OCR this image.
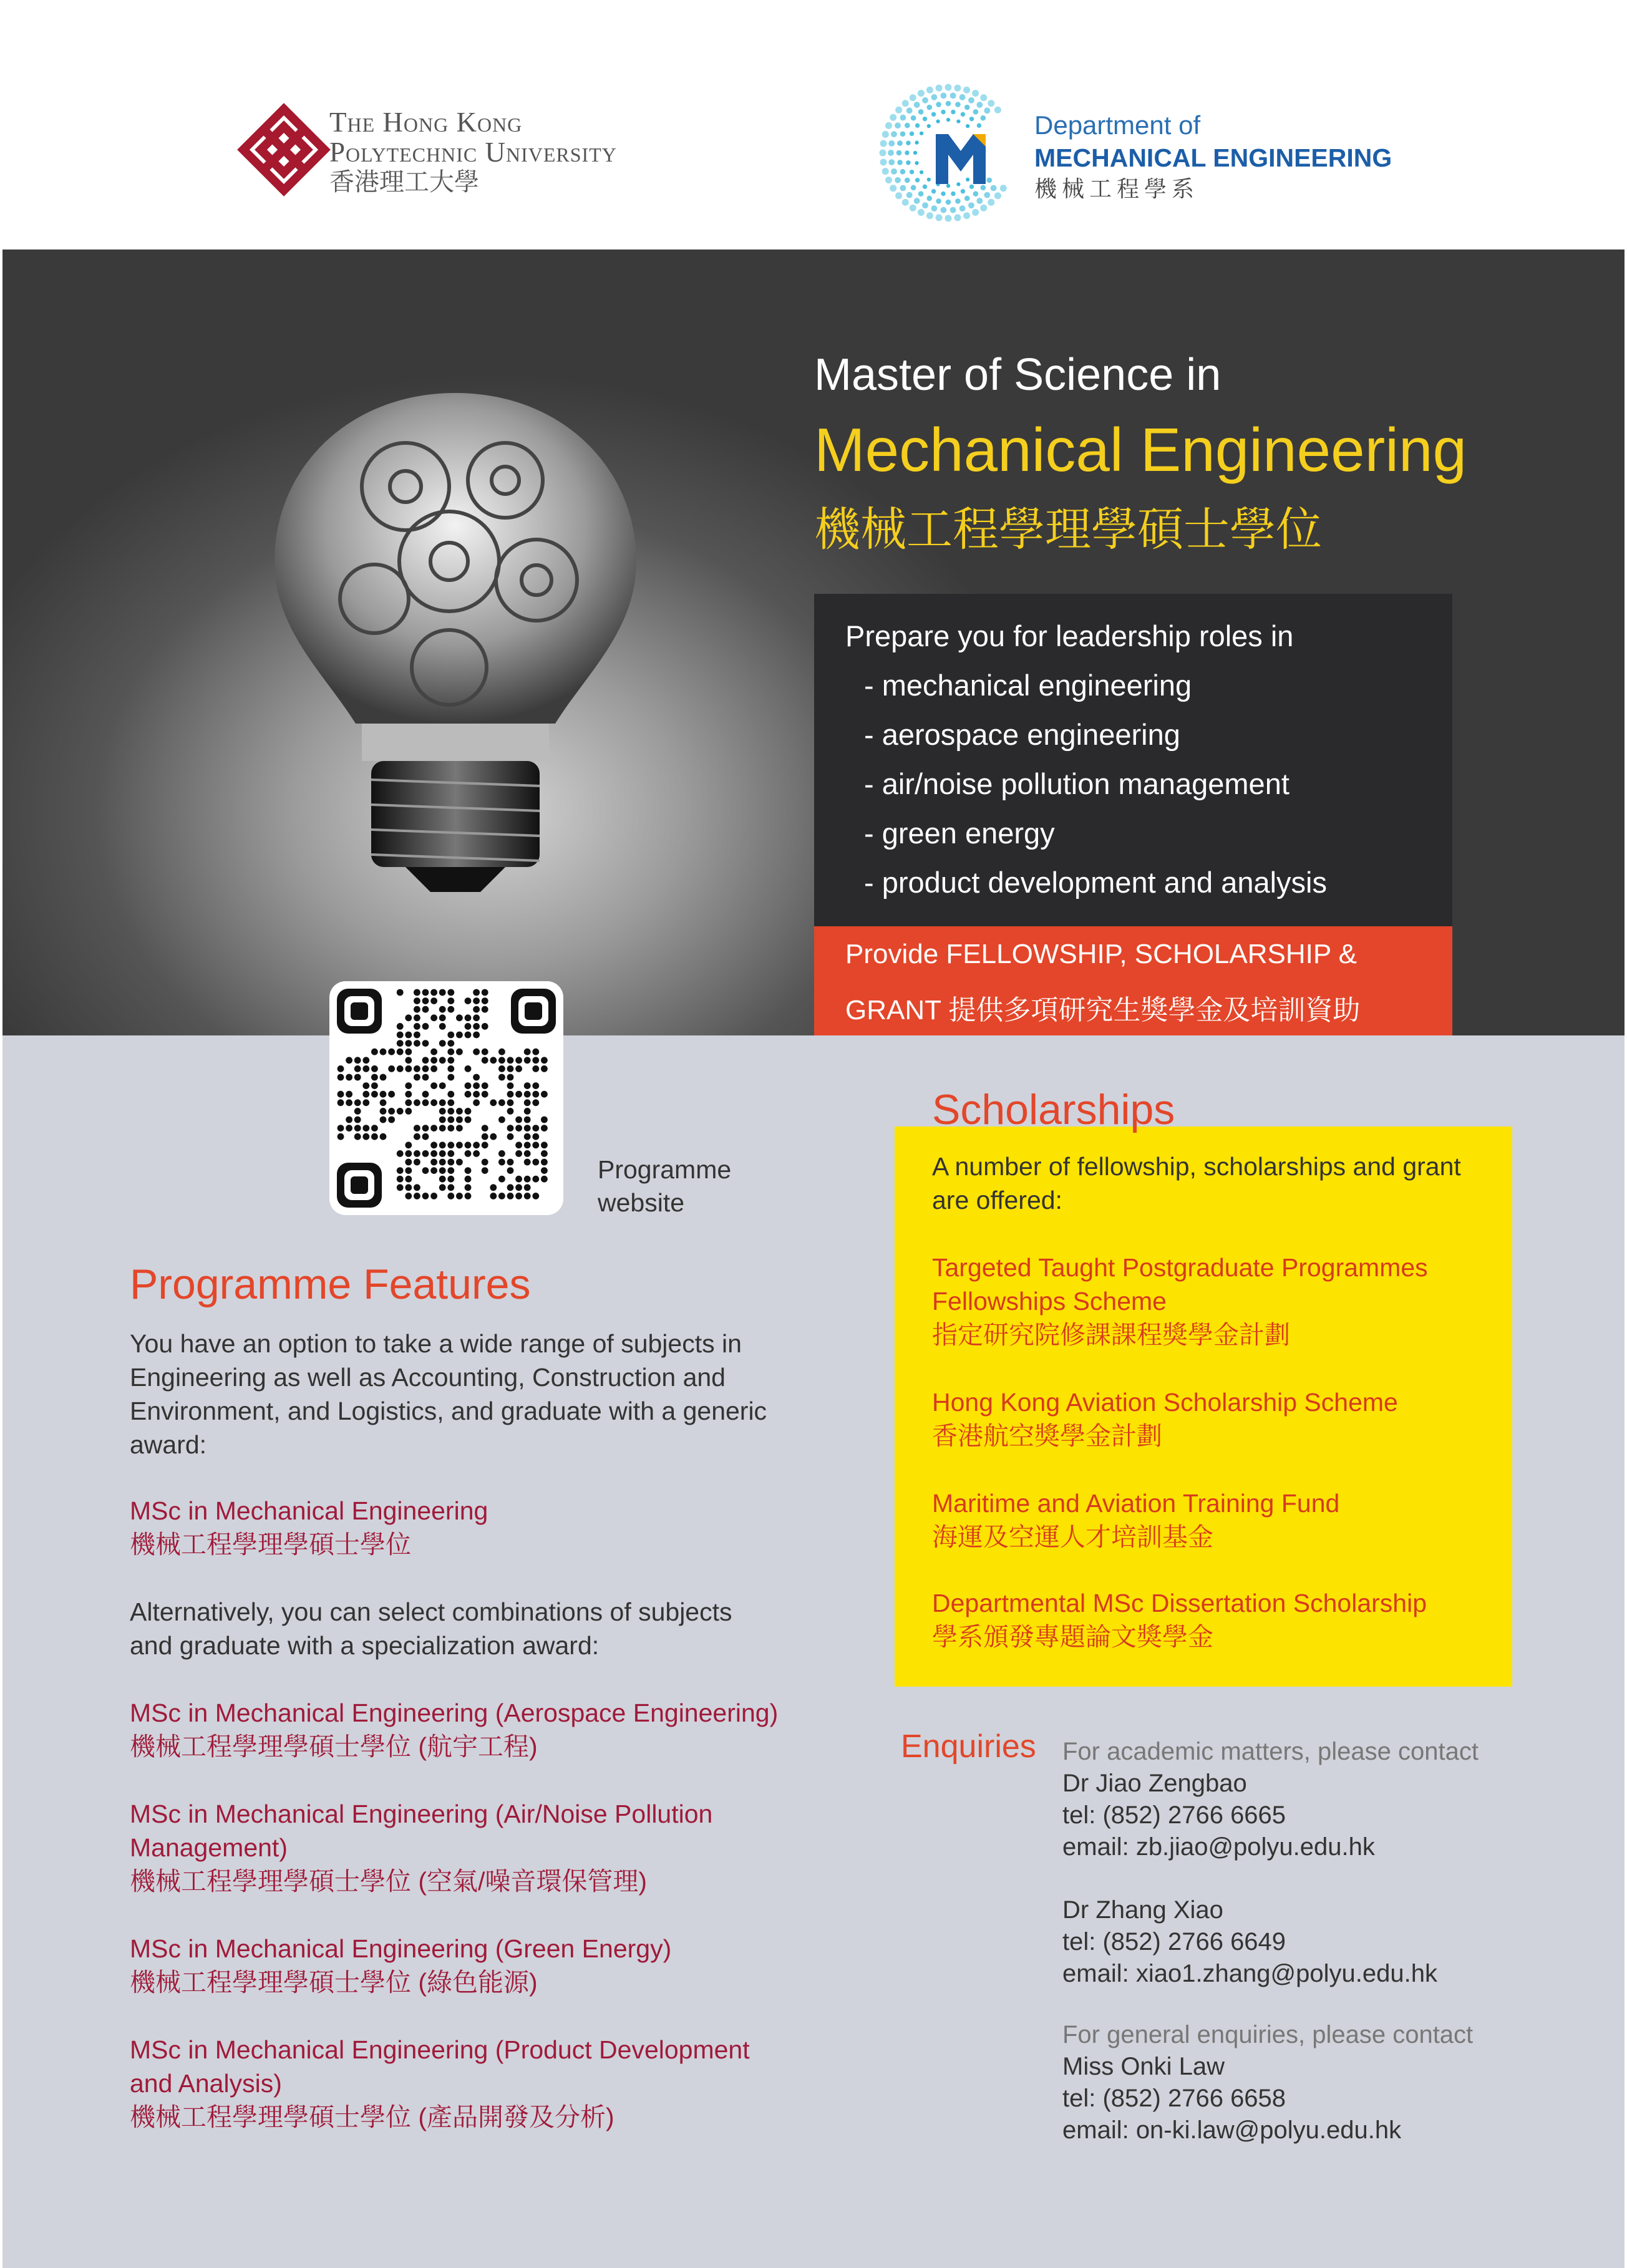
The Hong Kong
Polytechnic University
香港理工大學
Department of
MECHANICAL ENGINEERING
機械工程學系
Master of Science in
Mechanical Engineering
機械工程學理學碩士學位
Prepare you for leadership roles in
- mechanical engineering
- aerospace engineering
- air/noise pollution management
- green energy
- product development and analysis
Provide FELLOWSHIP, SCHOLARSHIP &
GRANT 提供多項研究生獎學金及培訓資助
Programme
website
Programme Features
You have an option to take a wide range of subjects in
Engineering as well as Accounting, Construction and
Environment, and Logistics, and graduate with a generic
award:
MSc in Mechanical Engineering
機械工程學理學碩士學位
Alternatively, you can select combinations of subjects
and graduate with a specialization award:
MSc in Mechanical Engineering (Aerospace Engineering)
機械工程學理學碩士學位 (航宇工程)
MSc in Mechanical Engineering (Air/Noise Pollution
Management)
機械工程學理學碩士學位 (空氣/噪音環保管理)
MSc in Mechanical Engineering (Green Energy)
機械工程學理學碩士學位 (綠色能源)
MSc in Mechanical Engineering (Product Development
and Analysis)
機械工程學理學碩士學位 (產品開發及分析)
Scholarships
A number of fellowship, scholarships and grant
are offered:
Targeted Taught Postgraduate Programmes
Fellowships Scheme
指定研究院修課課程獎學金計劃
Hong Kong Aviation Scholarship Scheme
香港航空獎學金計劃
Maritime and Aviation Training Fund
海運及空運人才培訓基金
Departmental MSc Dissertation Scholarship
學系頒發專題論文獎學金
Enquiries For academic matters, please contact
Dr Jiao Zengbao
tel: (852) 2766 6665
email: zb.jiao@polyu.edu.hk
Dr Zhang Xiao
tel: (852) 2766 6649
email: xiao1.zhang@polyu.edu.hk
For general enquiries, please contact
Miss Onki Law
tel: (852) 2766 6658
email: on-ki.law@polyu.edu.hk
